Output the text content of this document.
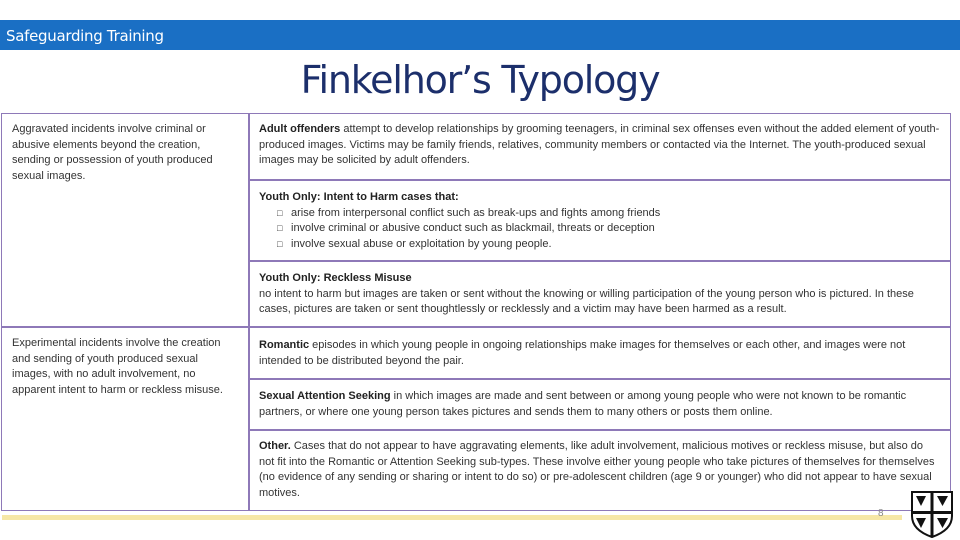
Safeguarding Training
Finkelhor’s Typology
Aggravated incidents involve criminal or abusive elements beyond the creation, sending or possession of youth produced sexual images.
Experimental incidents involve the creation and sending of youth produced sexual images, with no adult involvement, no apparent intent to harm or reckless misuse.
Adult offenders attempt to develop relationships by grooming teenagers, in criminal sex offenses even without the added element of youth-produced images. Victims may be family friends, relatives, community members or contacted via the Internet. The youth-produced sexual images may be solicited by adult offenders.
Youth Only: Intent to Harm cases that:
□ arise from interpersonal conflict such as break-ups and fights among friends
□ involve criminal or abusive conduct such as blackmail, threats or deception
□ involve sexual abuse or exploitation by young people.
Youth Only: Reckless Misuse
no intent to harm but images are taken or sent without the knowing or willing participation of the young person who is pictured. In these cases, pictures are taken or sent thoughtlessly or recklessly and a victim may have been harmed as a result.
Romantic episodes in which young people in ongoing relationships make images for themselves or each other, and images were not intended to be distributed beyond the pair.
Sexual Attention Seeking in which images are made and sent between or among young people who were not known to be romantic partners, or where one young person takes pictures and sends them to many others or posts them online.
Other. Cases that do not appear to have aggravating elements, like adult involvement, malicious motives or reckless misuse, but also do not fit into the Romantic or Attention Seeking sub-types. These involve either young people who take pictures of themselves for themselves (no evidence of any sending or sharing or intent to do so) or pre-adolescent children (age 9 or younger) who did not appear to have sexual motives.
8
